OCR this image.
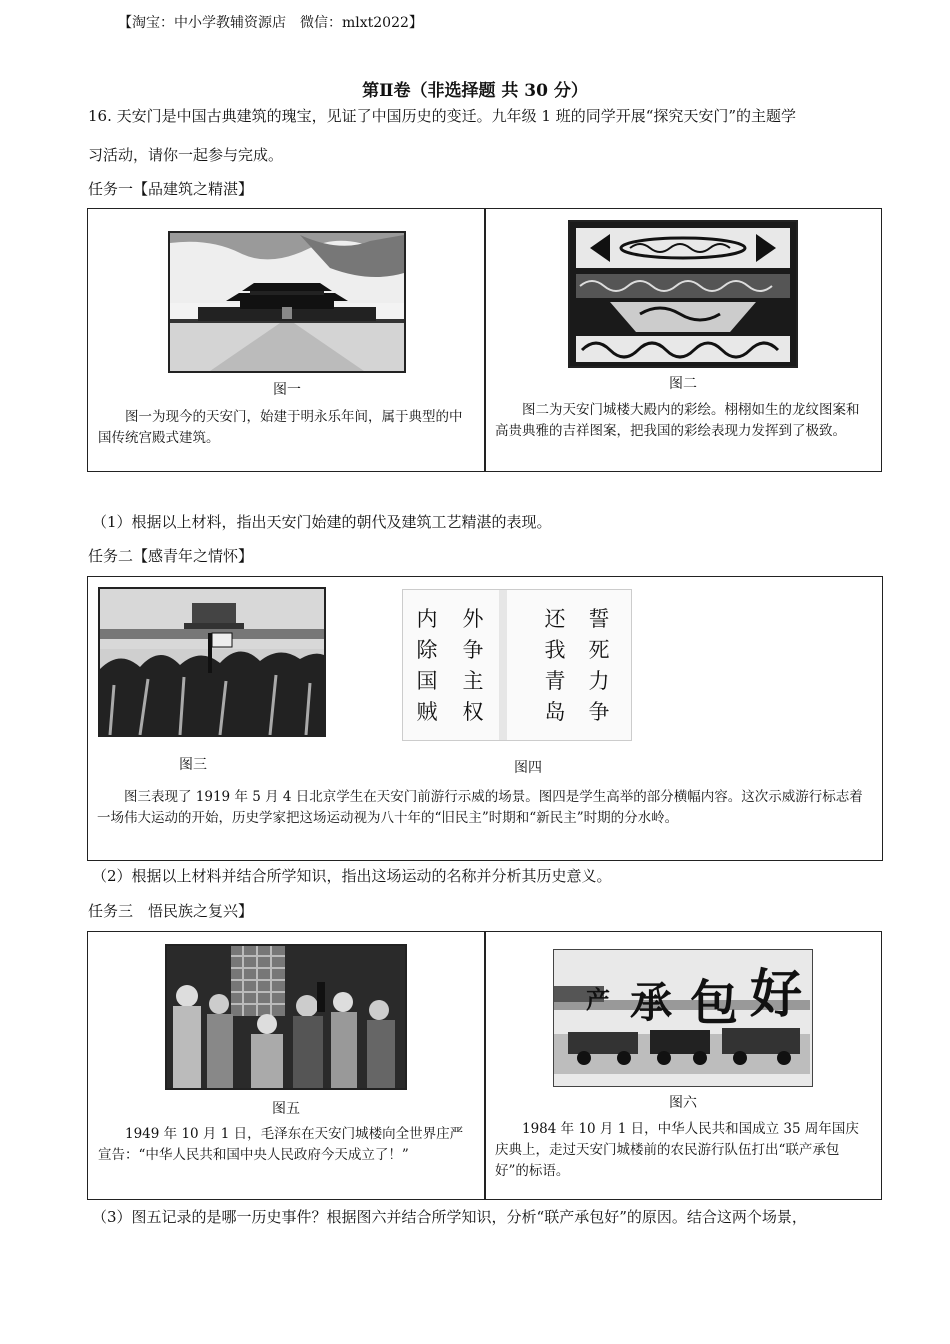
【淘宝：中小学教辅资源店　微信：mlxt2022】
第Ⅱ卷（非选择题 共 30 分）
16. 天安门是中国古典建筑的瑰宝，见证了中国历史的变迁。九年级 1 班的同学开展“探究天安门”的主题学
习活动，请你一起参与完成。
任务一【品建筑之精湛】
图一
图一为现今的天安门，始建于明永乐年间，属于典型的中国传统宫殿式建筑。
图二
图二为天安门城楼大殿内的彩绘。栩栩如生的龙纹图案和高贵典雅的吉祥图案，把我国的彩绘表现力发挥到了极致。
（1）根据以上材料，指出天安门始建的朝代及建筑工艺精湛的表现。
任务二【感青年之情怀】
图三
内
除
国
贼
外
争
主
权
还
我
青
岛
誓
死
力
争
图四
图三表现了 1919 年 5 月 4 日北京学生在天安门前游行示威的场景。图四是学生高举的部分横幅内容。这次示威游行标志着一场伟大运动的开始，历史学家把这场运动视为八十年的“旧民主”时期和“新民主”时期的分水岭。
（2）根据以上材料并结合所学知识，指出这场运动的名称并分析其历史意义。
任务三　悟民族之复兴】
图五
1949 年 10 月 1 日，毛泽东在天安门城楼向全世界庄严宣告：“中华人民共和国中央人民政府今天成立了！”
产 承 包 好
图六
1984 年 10 月 1 日，中华人民共和国成立 35 周年国庆庆典上，走过天安门城楼前的农民游行队伍打出“联产承包好”的标语。
（3）图五记录的是哪一历史事件？根据图六并结合所学知识，分析“联产承包好”的原因。结合这两个场景，
